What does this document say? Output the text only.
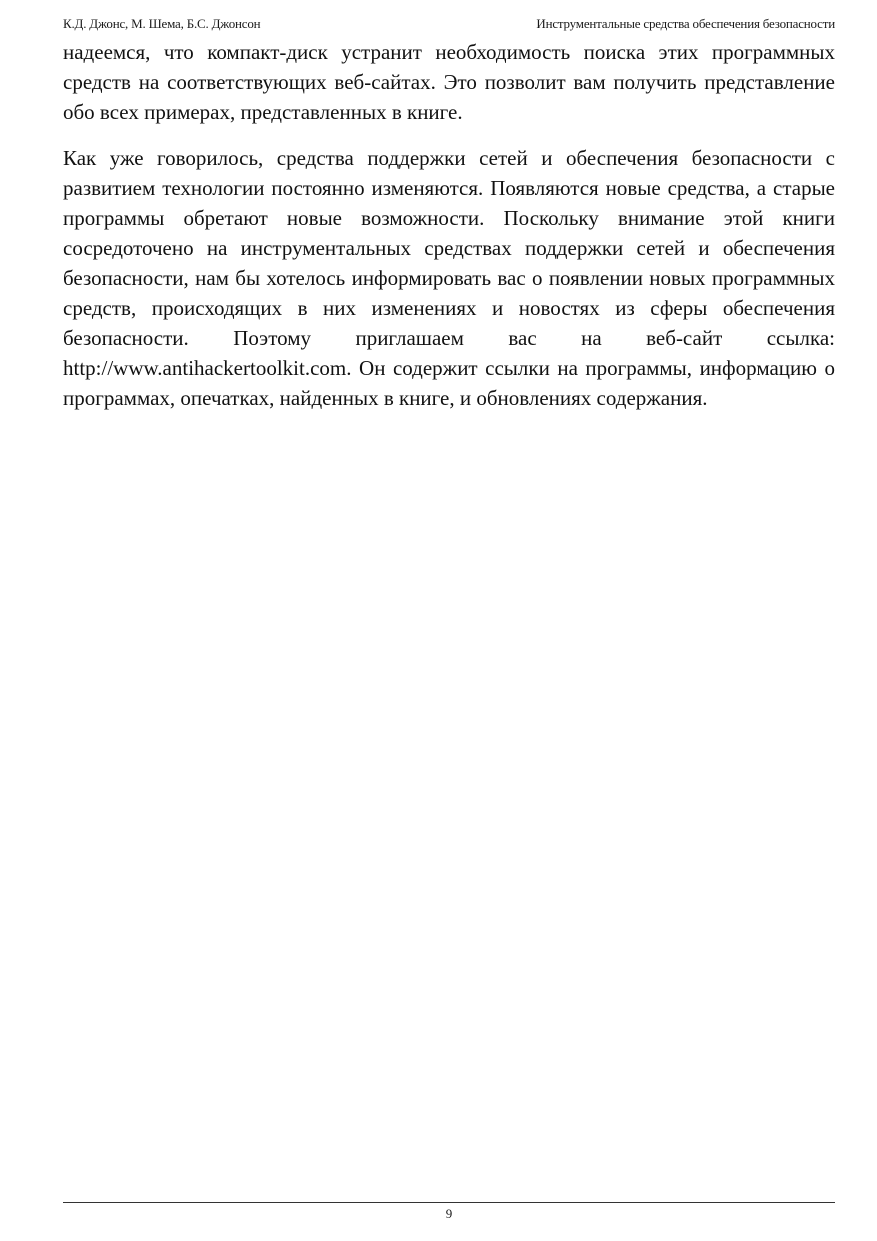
К.Д. Джонс, М. Шема, Б.С. Джонсон	Инструментальные средства обеспечения безопасности

надеемся, что компакт-диск устранит необходимость поиска этих программных средств на соответствующих веб-сайтах. Это позволит вам получить представление обо всех примерах, представленных в книге.

Как уже говорилось, средства поддержки сетей и обеспечения безопасности с развитием технологии постоянно изменяются. Появляются новые средства, а старые программы обретают новые возможности. Поскольку внимание этой книги сосредоточено на инструментальных средствах поддержки сетей и обеспечения безопасности, нам бы хотелось информировать вас о появлении новых программных средств, происходящих в них изменениях и новостях из сферы обеспечения безопасности. Поэтому приглашаем вас на веб-сайт ссылка: http://www.antihackertoolkit.com. Он содержит ссылки на программы, информацию о программах, опечатках, найденных в книге, и обновлениях содержания.

9
